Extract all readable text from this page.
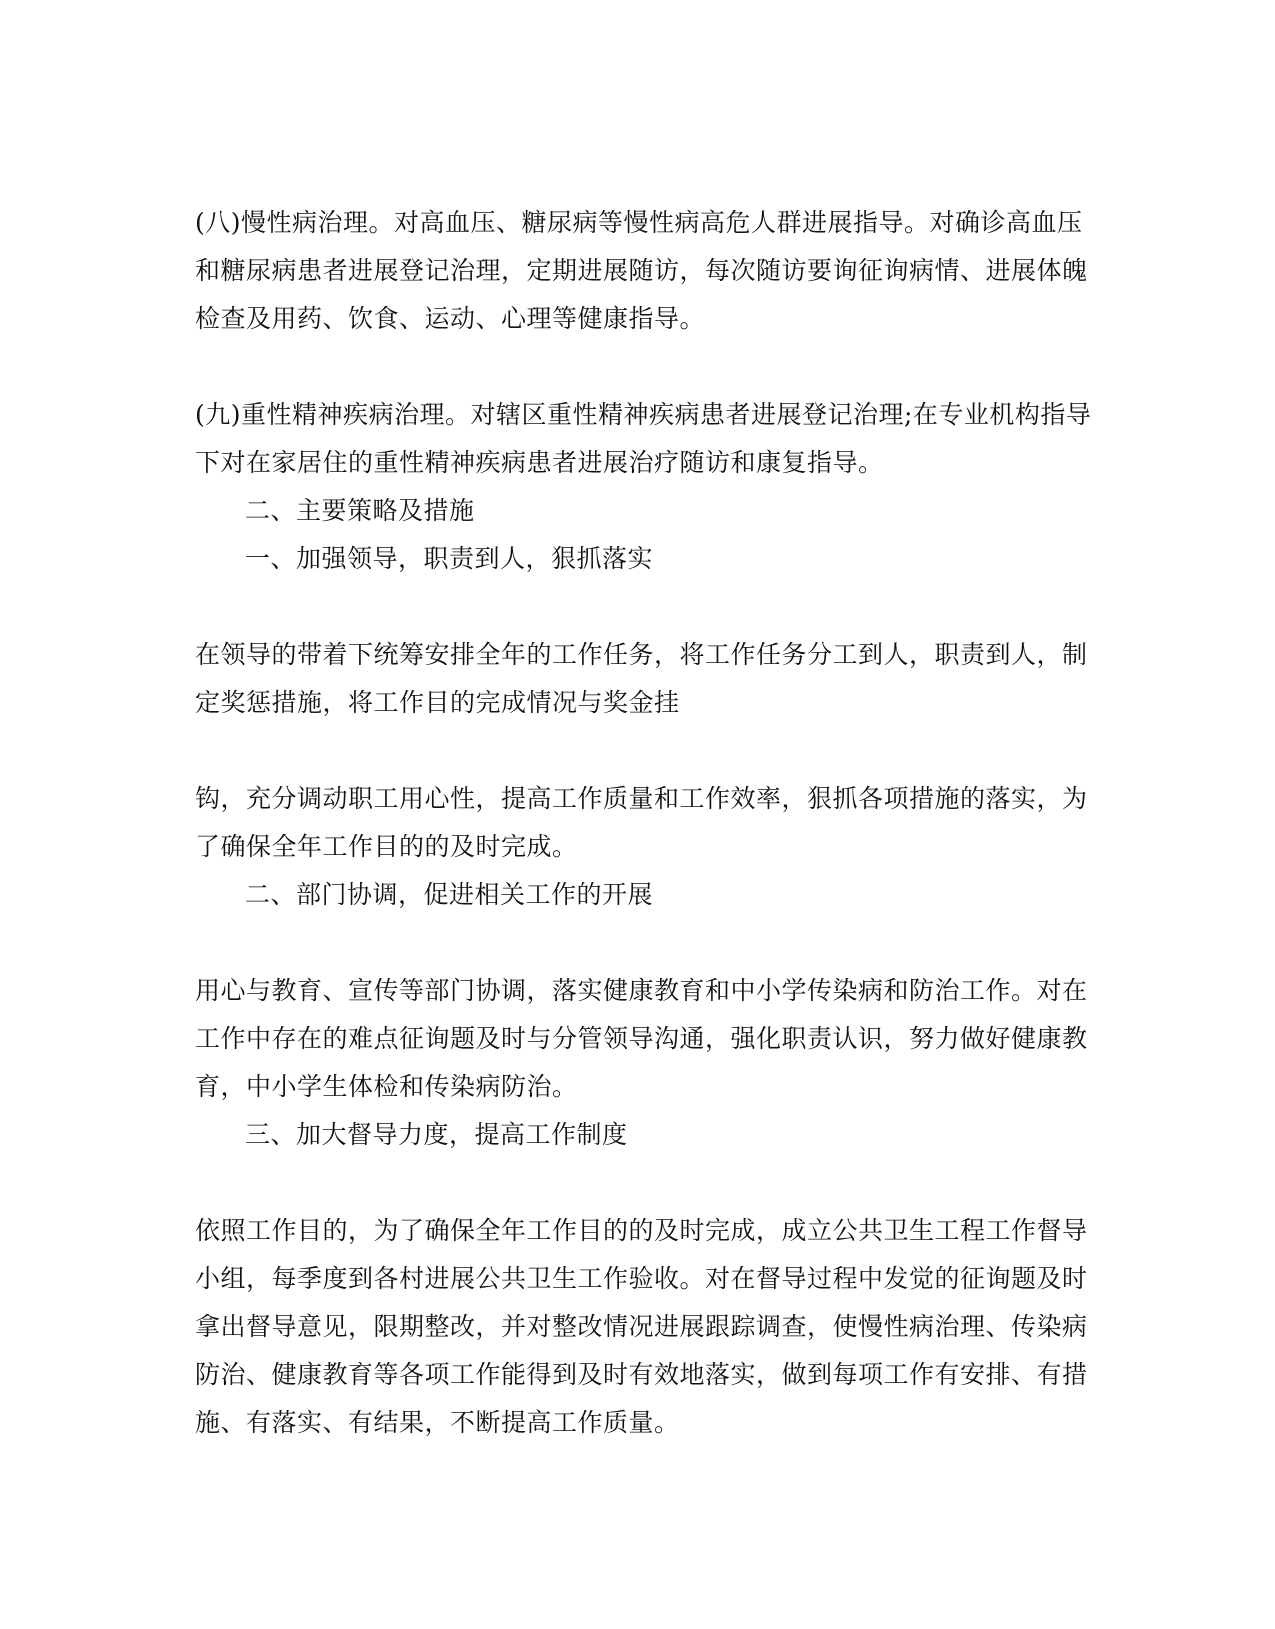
(八)慢性病治理。对高血压、糖尿病等慢性病高危人群进展指导。对确诊高血压
和糖尿病患者进展登记治理，定期进展随访，每次随访要询征询病情、进展体魄
检查及用药、饮食、运动、心理等健康指导。
(九)重性精神疾病治理。对辖区重性精神疾病患者进展登记治理;在专业机构指导
下对在家居住的重性精神疾病患者进展治疗随访和康复指导。
二、主要策略及措施
一、加强领导，职责到人，狠抓落实
在领导的带着下统筹安排全年的工作任务，将工作任务分工到人，职责到人，制
定奖惩措施，将工作目的完成情况与奖金挂
钩，充分调动职工用心性，提高工作质量和工作效率，狠抓各项措施的落实，为
了确保全年工作目的的及时完成。
二、部门协调，促进相关工作的开展
用心与教育、宣传等部门协调，落实健康教育和中小学传染病和防治工作。对在
工作中存在的难点征询题及时与分管领导沟通，强化职责认识，努力做好健康教
育，中小学生体检和传染病防治。
三、加大督导力度，提高工作制度
依照工作目的，为了确保全年工作目的的及时完成，成立公共卫生工程工作督导
小组，每季度到各村进展公共卫生工作验收。对在督导过程中发觉的征询题及时
拿出督导意见，限期整改，并对整改情况进展跟踪调查，使慢性病治理、传染病
防治、健康教育等各项工作能得到及时有效地落实，做到每项工作有安排、有措
施、有落实、有结果，不断提高工作质量。
